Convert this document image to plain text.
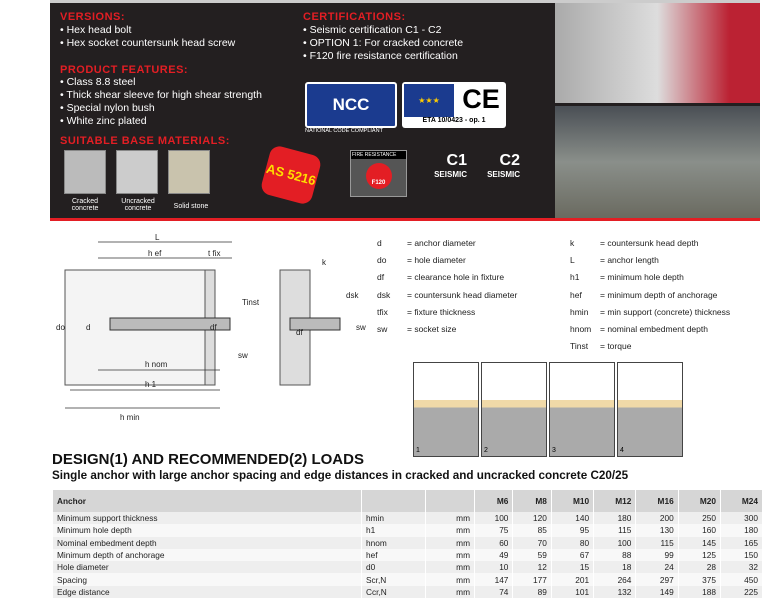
VERSIONS:
• Hex head bolt
• Hex socket countersunk head screw
PRODUCT FEATURES:
• Class 8.8 steel
• Thick shear sleeve for high shear strength
• Special nylon bush
• White zinc plated
SUITABLE BASE MATERIALS:
Cracked concrete
Uncracked concrete	Solid stone
CERTIFICATIONS:
• Seismic certification C1 - C2
• OPTION 1: For cracked concrete
• F120 fire resistance certification
NCC
NATIONAL CODE COMPLIANT
★★★ CE
ETA 10/0423 - op. 1
AS 5216
FIRE RESISTANCE
F120
C1
SEISMIC
C2
SEISMIC
L
h ef	t fix
Tinst
do	d	df
sw
h nom
h 1
h min
k
dsk
df
sw
d	= anchor diameter
do = hole diameter
df	= clearance hole in fixture
dsk = countersunk head diameter
tfix = fixture thickness
sw = socket size
k	= countersunk head depth
L	= anchor length
h1 = minimum hole depth
hef = minimum depth of anchorage
hmin = min support (concrete) thickness
hnom = nominal embedment depth
Tinst = torque
1	2	3	4
DESIGN(1) AND RECOMMENDED(2) LOADS
Single anchor with large anchor spacing and edge distances in cracked and uncracked concrete C20/25
Anchor			M6	M8	M10	M12	M16	M20	M24
Minimum support thickness	hmin	mm	100	120	140	180	200	250	300
Minimum hole depth	h1	mm	75	85	95	115	130	160	180
Nominal embedment depth	hnom	mm	60	70	80	100	115	145	165
Minimum depth of anchorage	hef	mm	49	59	67	88	99	125	150
Hole diameter	d0	mm	10	12	15	18	24	28	32
Spacing	Scr,N	mm	147	177	201	264	297	375	450
Edge distance	Ccr,N	mm	74	89	101	132	149	188	225
